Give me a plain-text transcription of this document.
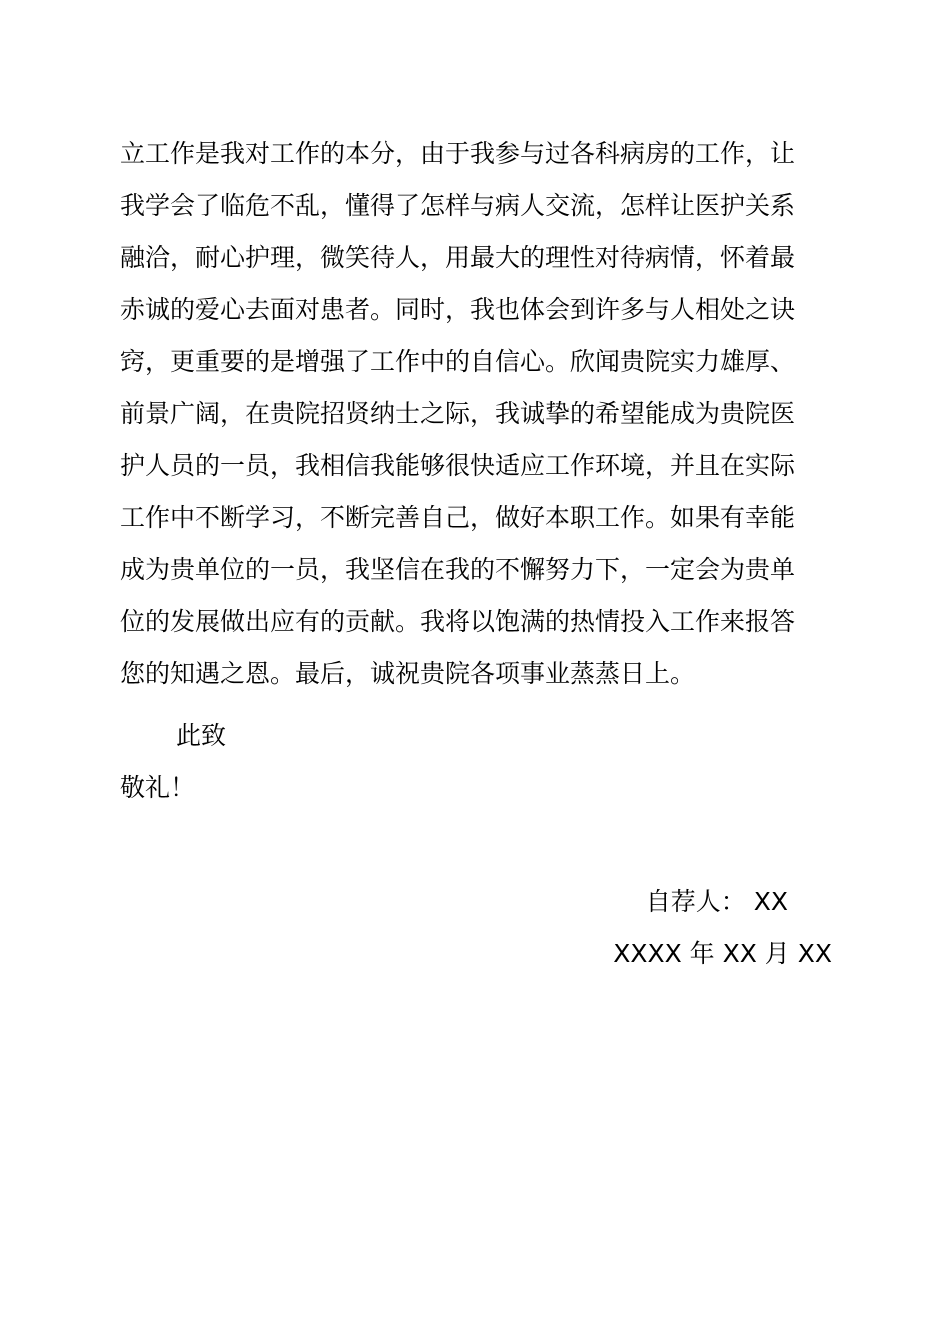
立工作是我对工作的本分，由于我参与过各科病房的工作，让
我学会了临危不乱，懂得了怎样与病人交流，怎样让医护关系
融洽，耐心护理，微笑待人，用最大的理性对待病情，怀着最
赤诚的爱心去面对患者。同时，我也体会到许多与人相处之诀
窍，更重要的是增强了工作中的自信心。欣闻贵院实力雄厚、
前景广阔，在贵院招贤纳士之际，我诚挚的希望能成为贵院医
护人员的一员，我相信我能够很快适应工作环境，并且在实际
工作中不断学习，不断完善自己，做好本职工作。如果有幸能
成为贵单位的一员，我坚信在我的不懈努力下，一定会为贵单
位的发展做出应有的贡献。我将以饱满的热情投入工作来报答
您的知遇之恩。最后，诚祝贵院各项事业蒸蒸日上。
此致
敬礼！
自荐人： XX
XXXX 年 XX 月 XX
